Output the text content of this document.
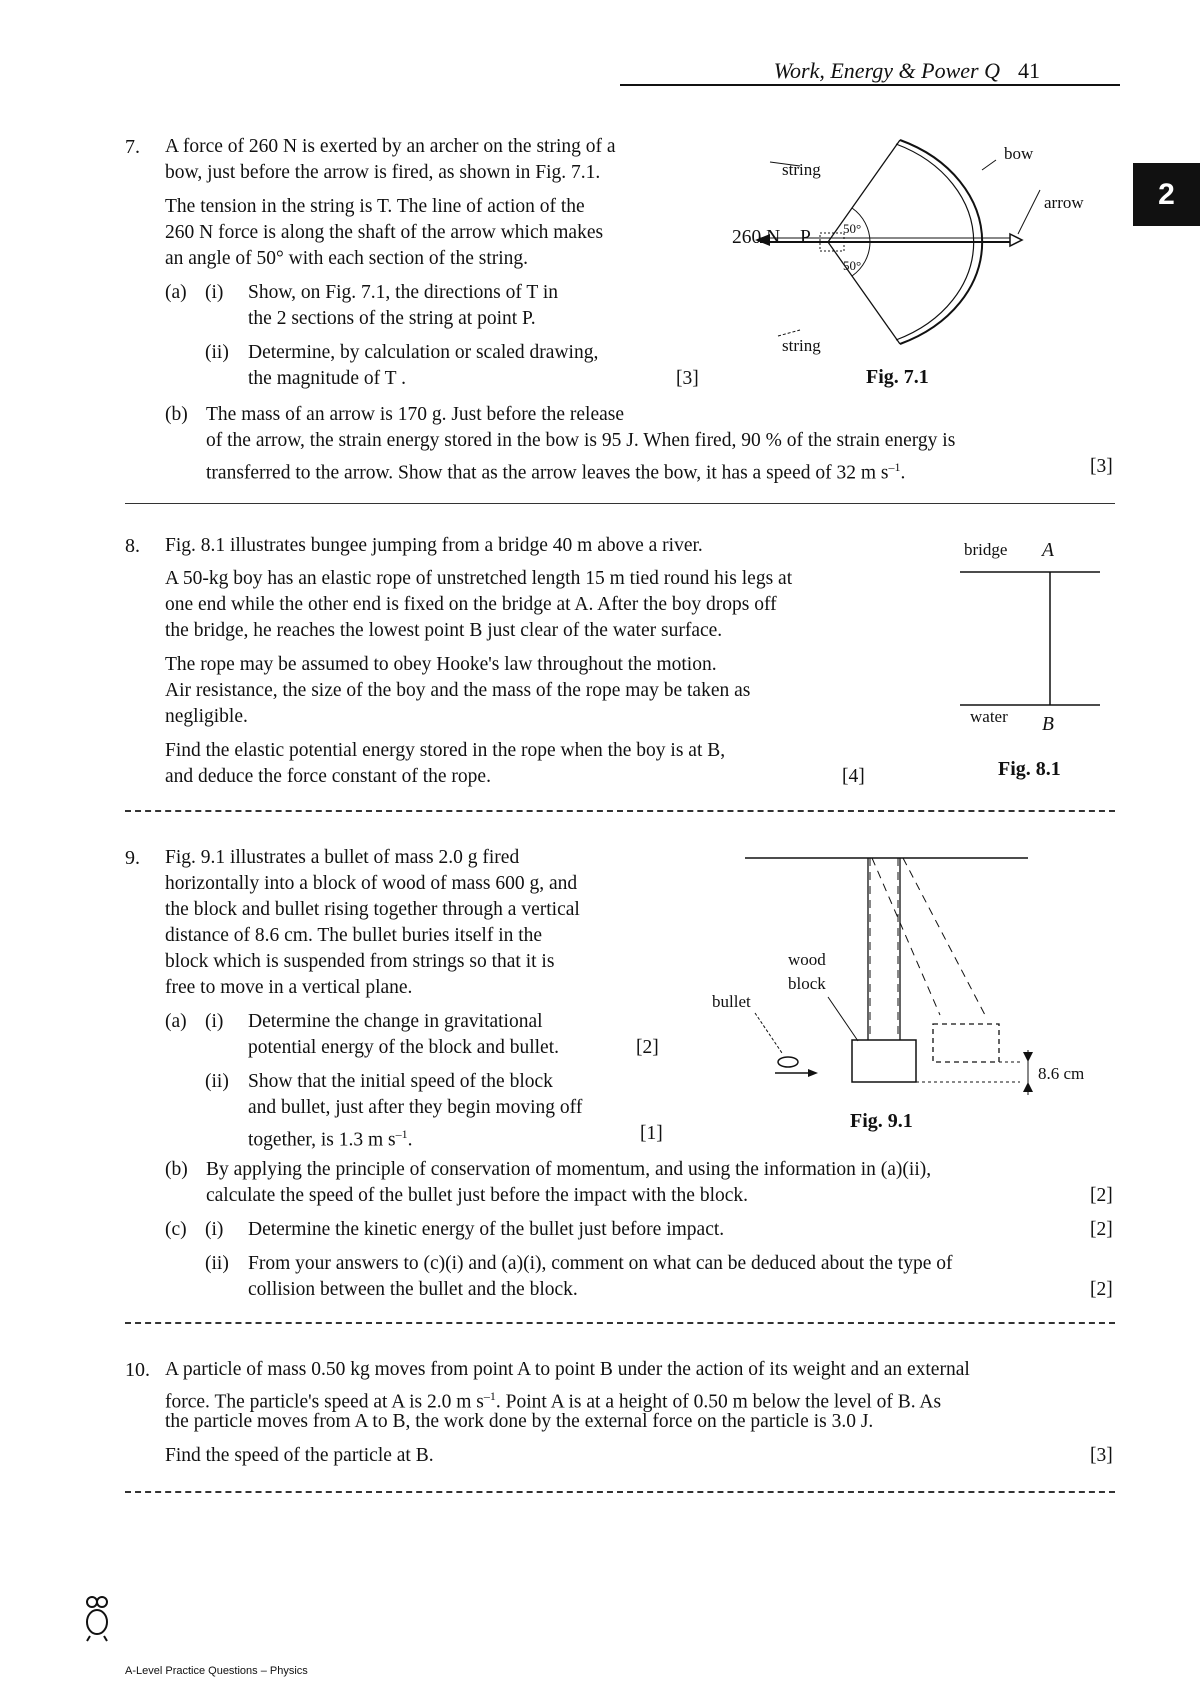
Work, Energy & Power Q 41
2
7. A force of 260 N is exerted by an archer on the string of a
bow, just before the arrow is fired, as shown in Fig. 7.1.
The tension in the string is T. The line of action of the
260 N force is along the shaft of the arrow which makes
an angle of 50° with each section of the string.
(a) (i) Show, on Fig. 7.1, the directions of T in
the 2 sections of the string at point P.
(ii) Determine, by calculation or scaled drawing,
the magnitude of T .	[3]
(b) The mass of an arrow is 170 g. Just before the release
of the arrow, the strain energy stored in the bow is 95 J. When fired, 90 % of the strain energy is
transferred to the arrow. Show that as the arrow leaves the bow, it has a speed of 32 m $s^{-1}$.	[3]
string
bow
arrow
260 N P 50°
50°
string
Fig. 7.1
8. Fig. 8.1 illustrates bungee jumping from a bridge 40 m above a river.
A 50-kg boy has an elastic rope of unstretched length 15 m tied round his legs at
one end while the other end is fixed on the bridge at A. After the boy drops off
the bridge, he reaches the lowest point B just clear of the water surface.
The rope may be assumed to obey Hooke's law throughout the motion.
Air resistance, the size of the boy and the mass of the rope may be taken as
negligible.
Find the elastic potential energy stored in the rope when the boy is at B,
and deduce the force constant of the rope.	[4]
bridge A
water B
Fig. 8.1
9. Fig. 9.1 illustrates a bullet of mass 2.0 g fired
horizontally into a block of wood of mass 600 g, and
the block and bullet rising together through a vertical
distance of 8.6 cm. The bullet buries itself in the
block which is suspended from strings so that it is
free to move in a vertical plane.
(a) (i) Determine the change in gravitational
potential energy of the block and bullet.	[2]
(ii) Show that the initial speed of the block
and bullet, just after they begin moving off
together, is 1.3 m $s^{-1}$.	[1]
(b) By applying the principle of conservation of momentum, and using the information in (a)(ii),
calculate the speed of the bullet just before the impact with the block.	[2]
(c) (i) Determine the kinetic energy of the bullet just before impact.	[2]
(ii) From your answers to (c)(i) and (a)(i), comment on what can be deduced about the type of
collision between the bullet and the block.	[2]
wood
block
bullet
8.6 cm
Fig. 9.1
10. A particle of mass 0.50 kg moves from point A to point B under the action of its weight and an external
force. The particle's speed at A is 2.0 m $s^{-1}$. Point A is at a height of 0.50 m below the level of B. As
the particle moves from A to B, the work done by the external force on the particle is 3.0 J.
Find the speed of the particle at B.	[3]
A-Level Practice Questions – Physics
